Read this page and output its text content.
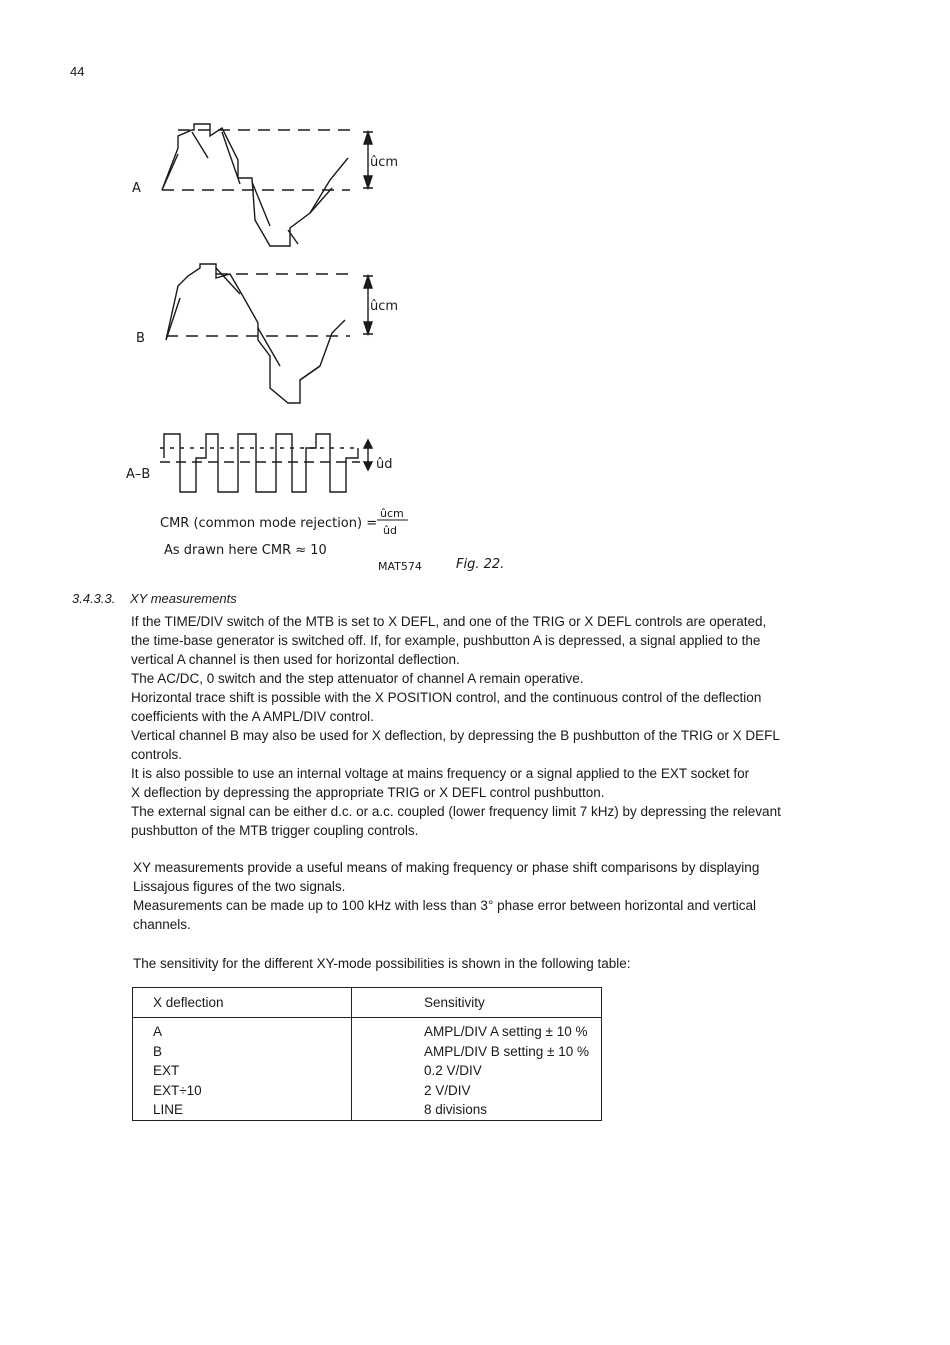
44
A
B
A–B
ûcm
ûcm
ûd
CMR (common mode rejection) =
ûcm
ûd
As drawn here CMR ≈ 10
MAT574	Fig. 22.
3.4.3.3. XY measurements

If the TIME/DIV switch of the MTB is set to X DEFL, and one of the TRIG or X DEFL controls are operated,

the time-base generator is switched off. If, for example, pushbutton A is depressed, a signal applied to the

vertical A channel is then used for horizontal deflection.

The AC/DC, 0 switch and the step attenuator of channel A remain operative.

Horizontal trace shift is possible with the X POSITION control, and the continuous control of the deflection

coefficients with the A AMPL/DIV control.

Vertical channel B may also be used for X deflection, by depressing the B pushbutton of the TRIG or X DEFL

controls.

It is also possible to use an internal voltage at mains frequency or a signal applied to the EXT socket for

X deflection by depressing the appropriate TRIG or X DEFL control pushbutton.

The external signal can be either d.c. or a.c. coupled (lower frequency limit 7 kHz) by depressing the relevant

pushbutton of the MTB trigger coupling controls.

XY measurements provide a useful means of making frequency or phase shift comparisons by displaying

Lissajous figures of the two signals.

Measurements can be made up to 100 kHz with less than 3° phase error between horizontal and vertical

channels.

The sensitivity for the different XY-mode possibilities is shown in the following table:
X deflection	Sensitivity
A	AMPL/DIV A setting ± 10 %
B	AMPL/DIV B setting ± 10 %
EXT	0.2 V/DIV
EXT÷10	2 V/DIV
LINE	8 divisions
